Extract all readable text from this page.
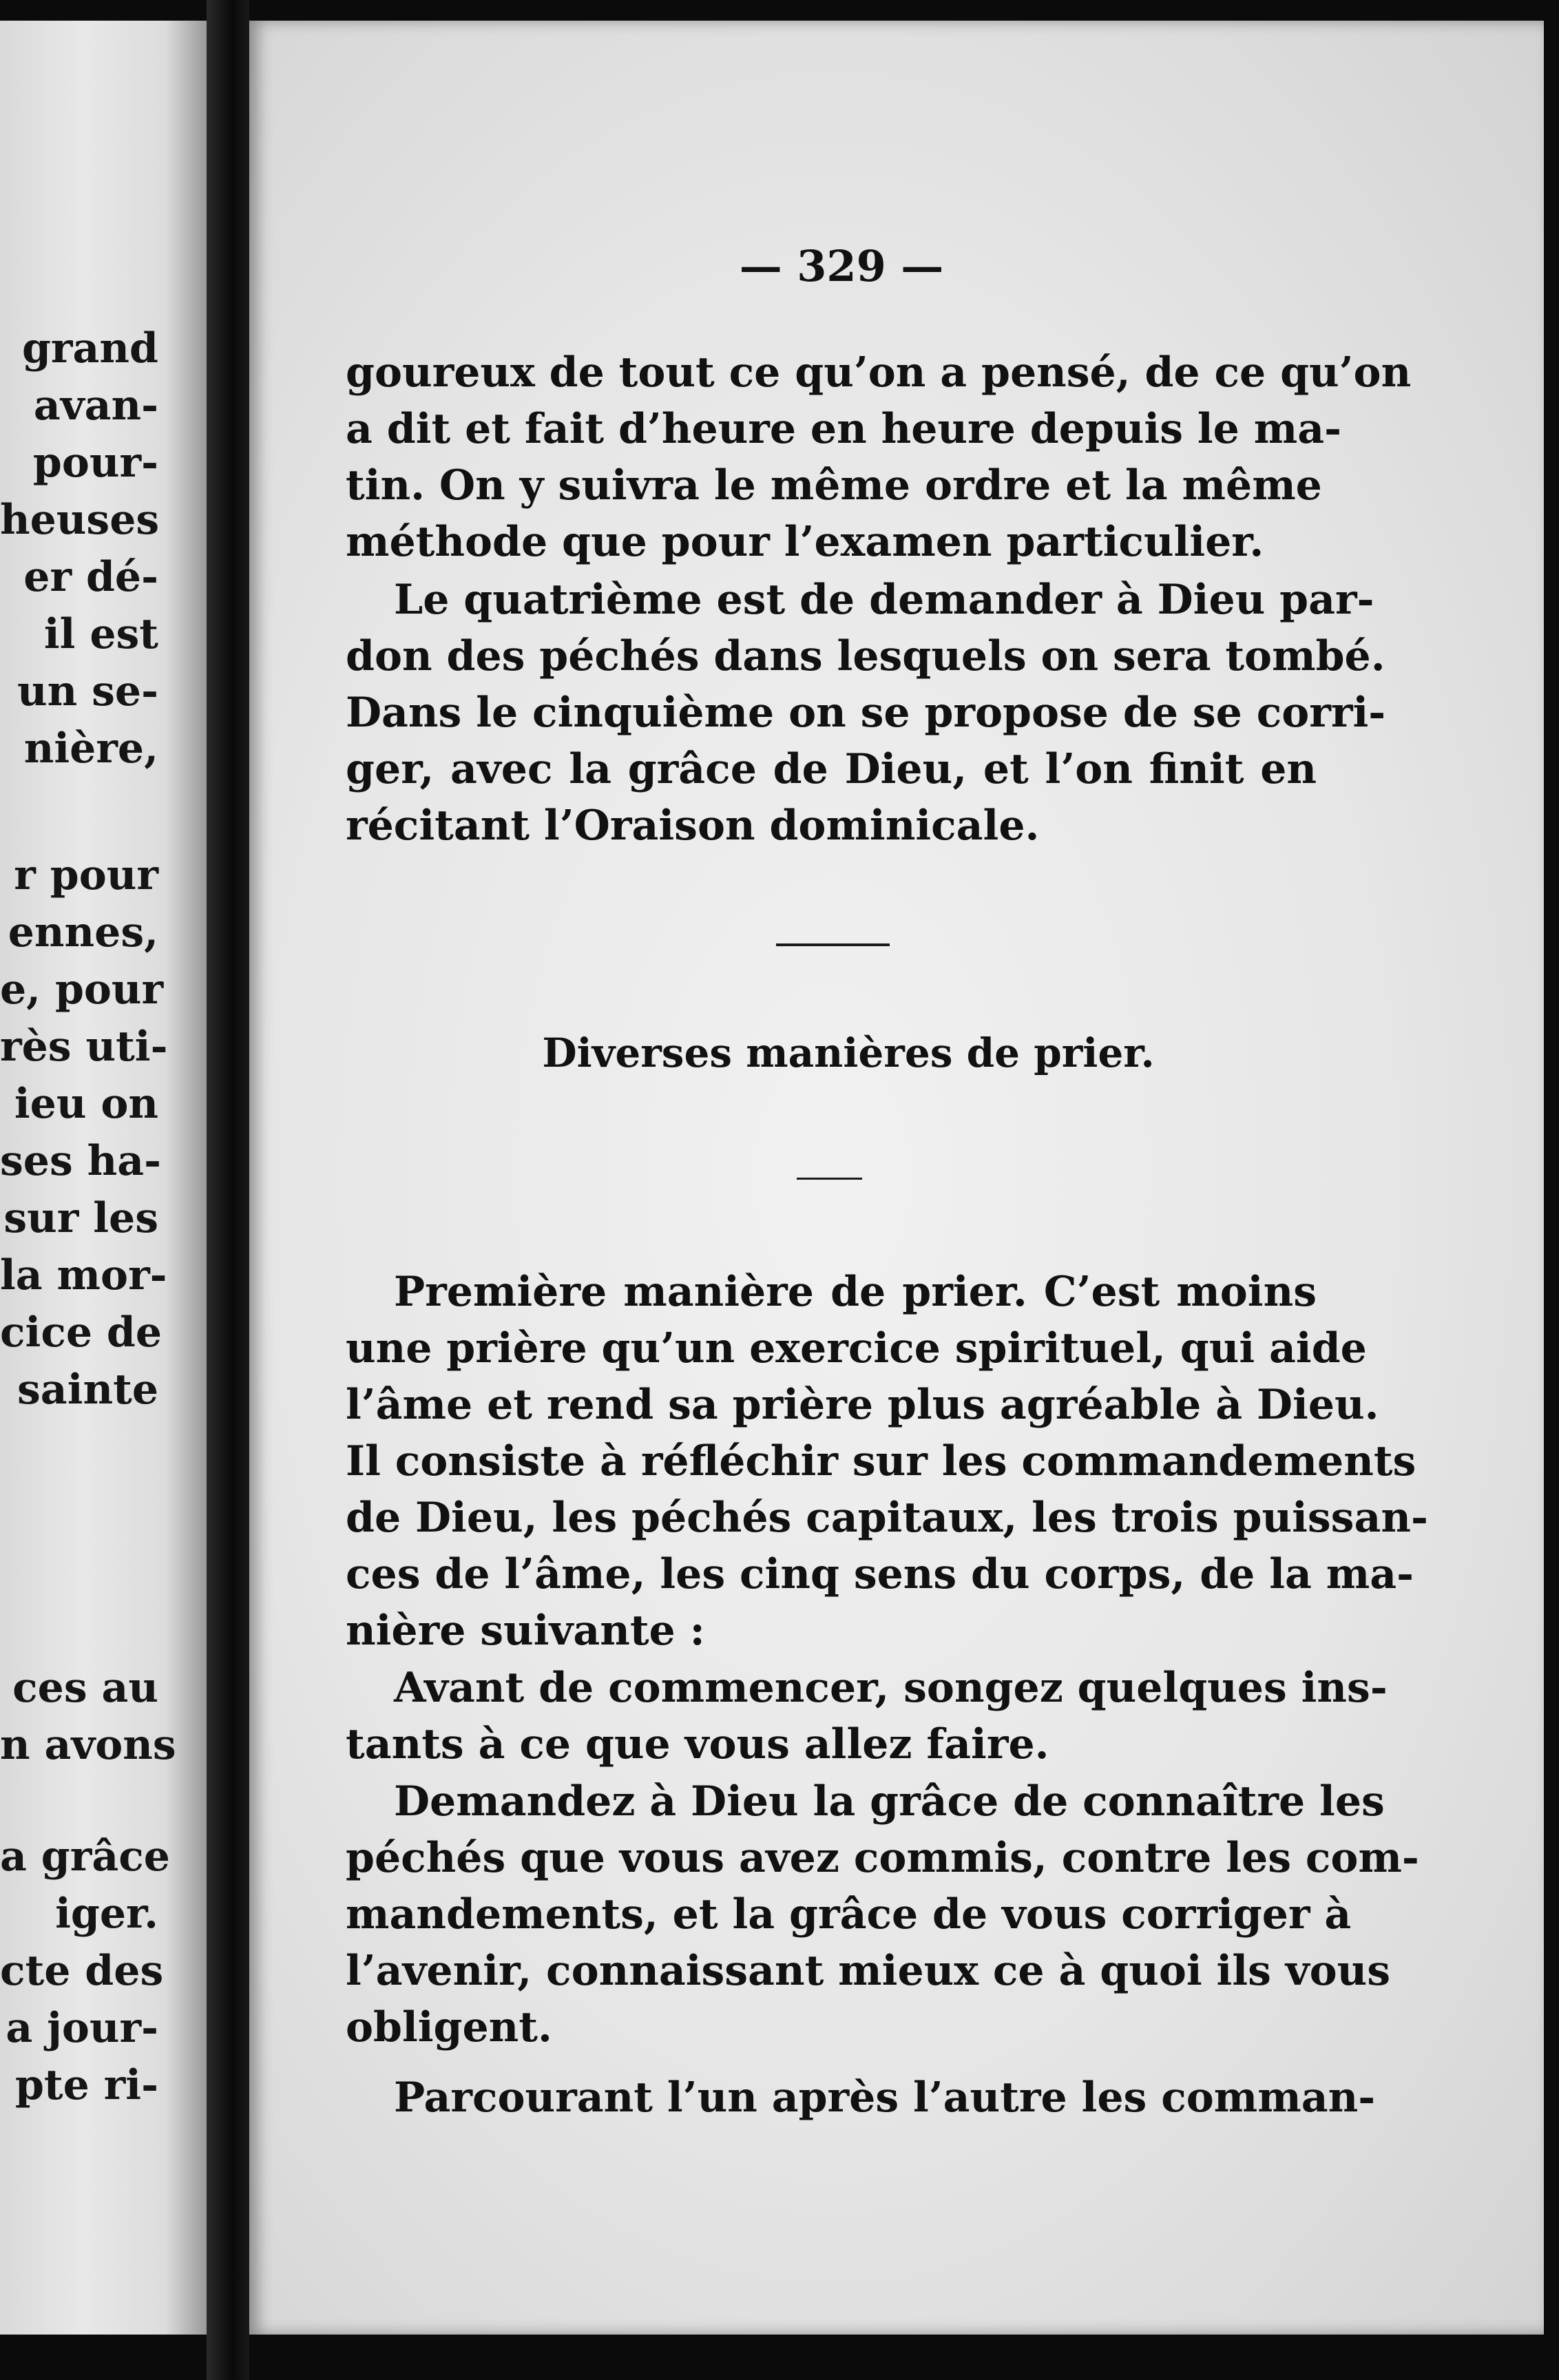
grand
avan-
pour-
heuses
er dé-
il est
un se-
nière,
r pour
ennes,
e, pour
rès uti-
ieu on
ses ha-
sur les
la mor-
cice de
sainte
ces au
n avons
a grâce
iger.
cte des
a jour-
pte ri-
— 329 —
goureux de tout ce qu’on a pensé, de ce qu’on
a dit et fait d’heure en heure depuis le ma-
tin. On y suivra le même ordre et la même
méthode que pour l’examen particulier.
Le quatrième est de demander à Dieu par-
don des péchés dans lesquels on sera tombé.
Dans le cinquième on se propose de se corri-
ger, avec la grâce de Dieu, et l’on finit en
récitant l’Oraison dominicale.
Diverses manières de prier.
Première manière de prier. C’est moins
une prière qu’un exercice spirituel, qui aide
l’âme et rend sa prière plus agréable à Dieu.
Il consiste à réfléchir sur les commandements
de Dieu, les péchés capitaux, les trois puissan-
ces de l’âme, les cinq sens du corps, de la ma-
nière suivante :
Avant de commencer, songez quelques ins-
tants à ce que vous allez faire.
Demandez à Dieu la grâce de connaître les
péchés que vous avez commis, contre les com-
mandements, et la grâce de vous corriger à
l’avenir, connaissant mieux ce à quoi ils vous
obligent.
Parcourant l’un après l’autre les comman-
